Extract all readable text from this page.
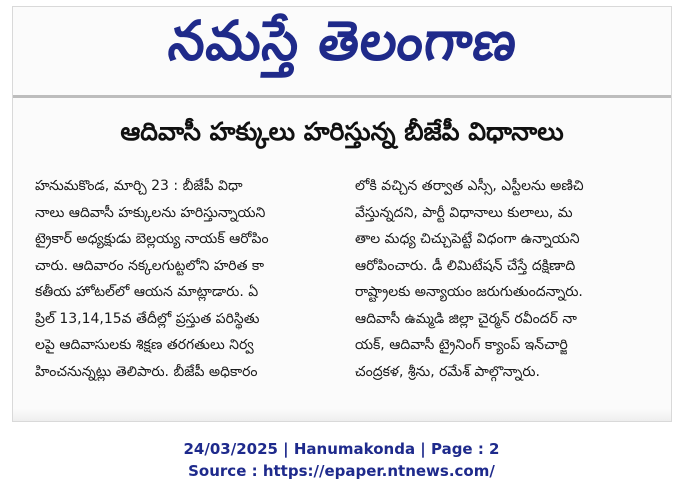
నమస్తే తెలంగాణ
ఆదివాసీ హక్కులు హరిస్తున్న బీజేపీ విధానాలు
హనుమకొండ, మార్చి 23 : బీజేపీ విధా
నాలు ఆదివాసీ హక్కులను హరిస్తున్నాయని
ట్రైకార్ అధ్యక్షుడు బెల్లయ్య నాయక్ ఆరోపిం
చారు. ఆదివారం నక్కలగుట్టలోని హరిత కా
కతీయ హోటల్‌లో ఆయన మాట్లాడారు. ఏ
ప్రిల్ 13,14,15వ తేదీల్లో ప్రస్తుత పరిస్థితు
లపై ఆదివాసులకు శిక్షణ తరగతులు నిర్వ
హించనున్నట్లు తెలిపారు. బీజేపీ అధికారం
లోకి వచ్చిన తర్వాత ఎస్సీ, ఎస్టీలను అణిచి
వేస్తున్నదని, పార్టీ విధానాలు కులాలు, మ
తాల మధ్య చిచ్చుపెట్టే విధంగా ఉన్నాయని
ఆరోపించారు. డీ లిమిటేషన్ చేస్తే దక్షిణాది
రాష్ట్రాలకు అన్యాయం జరుగుతుందన్నారు.
ఆదివాసీ ఉమ్మడి జిల్లా చైర్మన్ రవీందర్ నా
యక్, ఆదివాసీ ట్రైనింగ్ క్యాంప్ ఇన్‌చార్జి
చంద్రకళ, శ్రీను, రమేశ్ పాల్గొన్నారు.
24/03/2025 | Hanumakonda | Page : 2
Source : https://epaper.ntnews.com/
